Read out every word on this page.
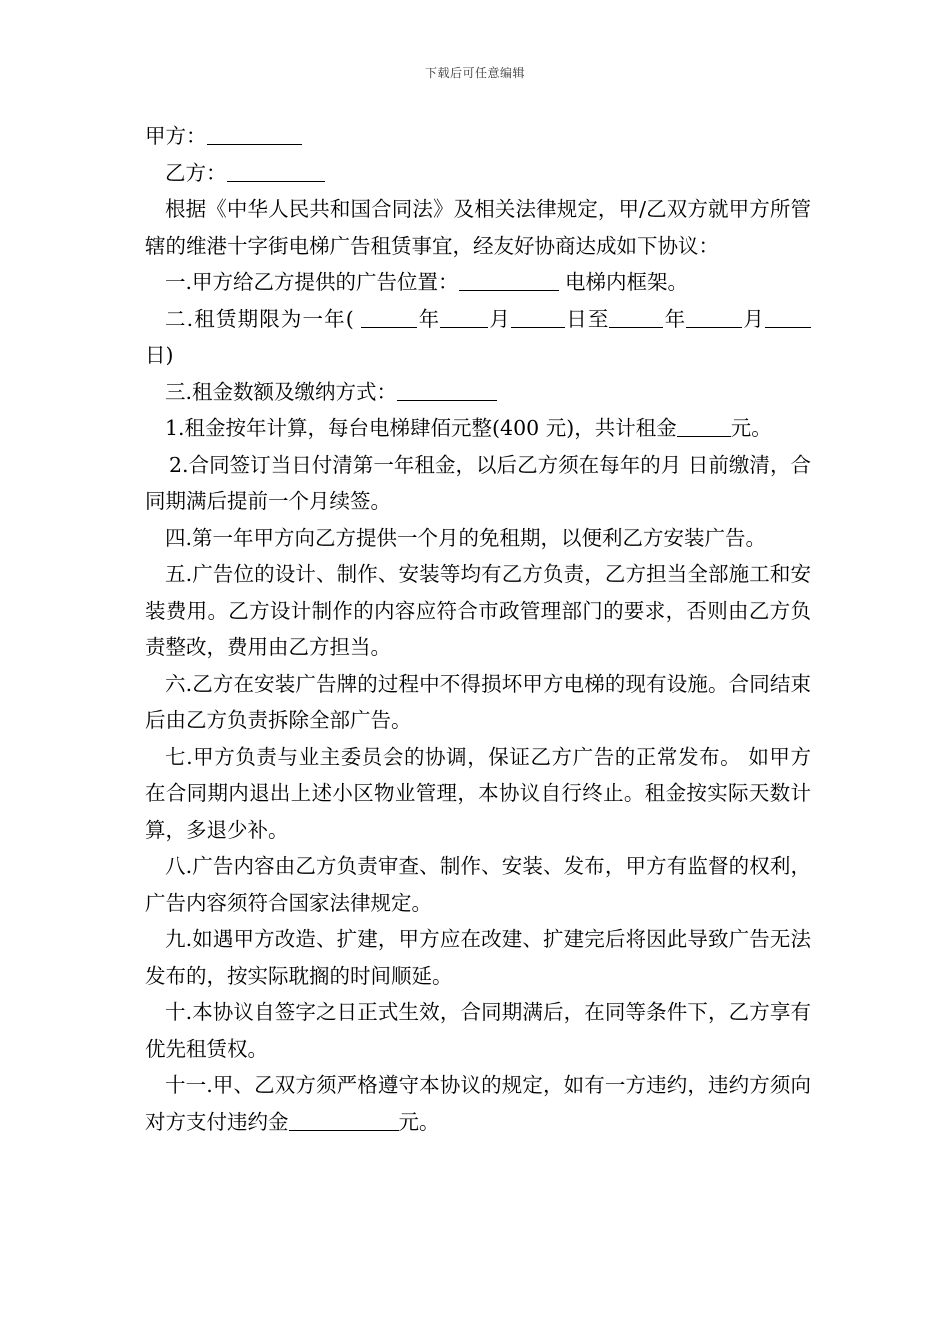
下载后可任意编辑

甲方：

乙方：

根据《中华人民共和国合同法》及相关法律规定，甲/乙双方就甲方所管辖的维港十字街电梯广告租赁事宜，经友好协商达成如下协议：

一.甲方给乙方提供的广告位置：	电梯内框架。

二.租赁期限为一年(	年 月	日至	年	月日)

三.租金数额及缴纳方式：

1.租金按年计算，每台电梯肆佰元整(400 元)，共计租金	元。

2.合同签订当日付清第一年租金，以后乙方须在每年的月 日前缴清，合同期满后提前一个月续签。

四.第一年甲方向乙方提供一个月的免租期，以便利乙方安装广告。

五.广告位的设计、制作、安装等均有乙方负责，乙方担当全部施工和安装费用。乙方设计制作的内容应符合市政管理部门的要求，否则由乙方负责整改，费用由乙方担当。

六.乙方在安装广告牌的过程中不得损坏甲方电梯的现有设施。合同结束后由乙方负责拆除全部广告。

七.甲方负责与业主委员会的协调，保证乙方广告的正常发布。 如甲方在合同期内退出上述小区物业管理，本协议自行终止。租金按实际天数计算，多退少补。

八.广告内容由乙方负责审查、制作、安装、发布，甲方有监督的权利，广告内容须符合国家法律规定。

九.如遇甲方改造、扩建，甲方应在改建、扩建完后将因此导致广告无法发布的，按实际耽搁的时间顺延。

十.本协议自签字之日正式生效，合同期满后，在同等条件下，乙方享有优先租赁权。

十一.甲、乙双方须严格遵守本协议的规定，如有一方违约，违约方须向对方支付违约金	元。
